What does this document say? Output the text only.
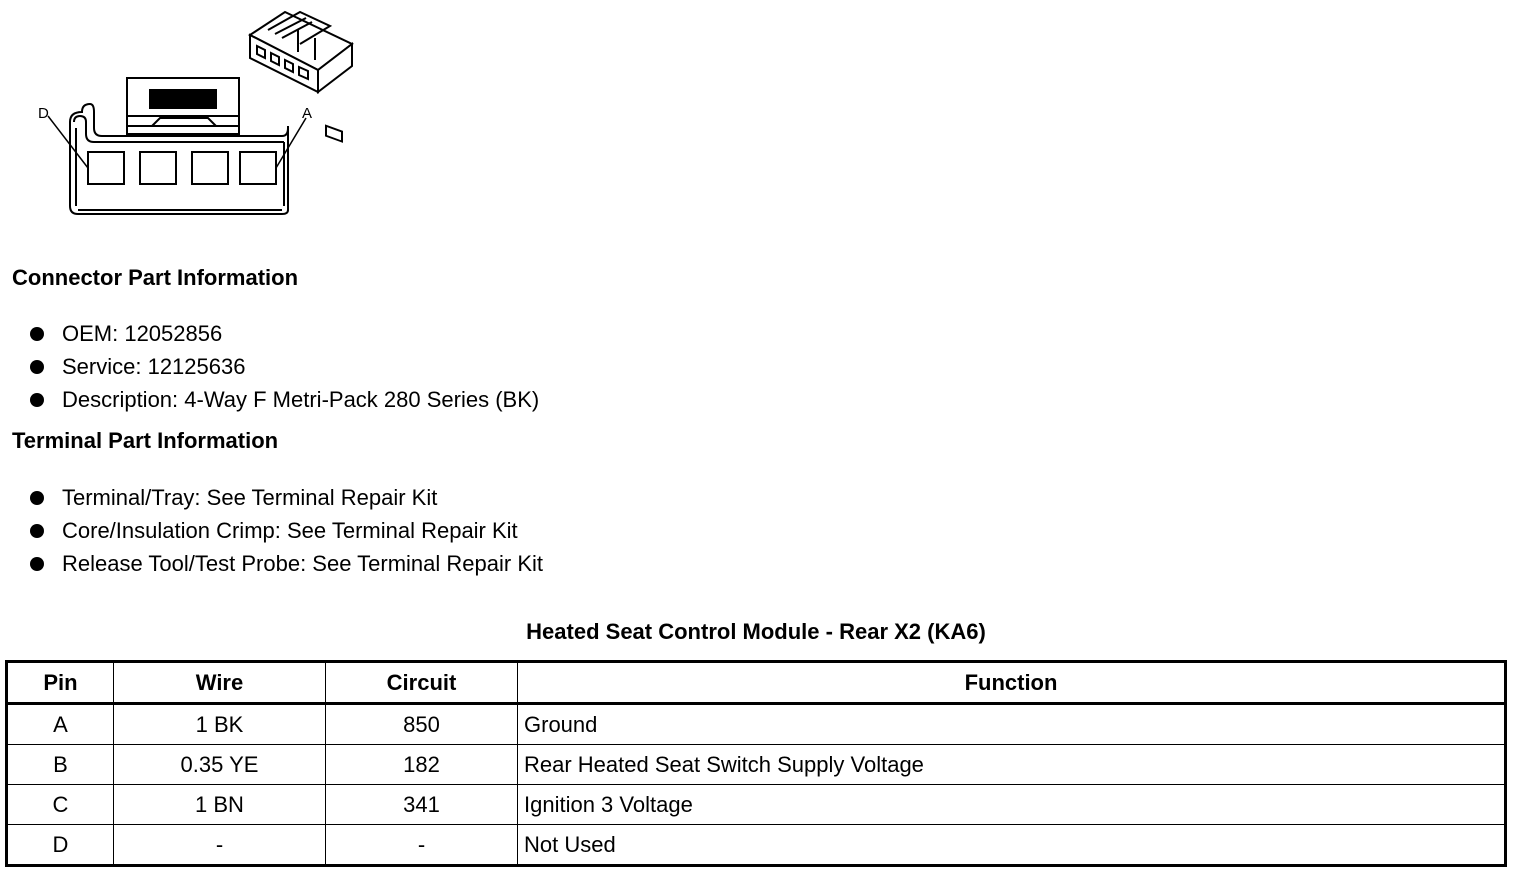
D	A
Connector Part Information
OEM: 12052856
Service: 12125636
Description: 4-Way F Metri-Pack 280 Series (BK)
Terminal Part Information
Terminal/Tray: See Terminal Repair Kit
Core/Insulation Crimp: See Terminal Repair Kit
Release Tool/Test Probe: See Terminal Repair Kit
Heated Seat Control Module - Rear X2 (KA6)
Pin	Wire	Circuit	Function
A	1 BK	850	Ground
B	0.35 YE	182	Rear Heated Seat Switch Supply Voltage
C	1 BN	341	Ignition 3 Voltage
D	-	-	Not Used
